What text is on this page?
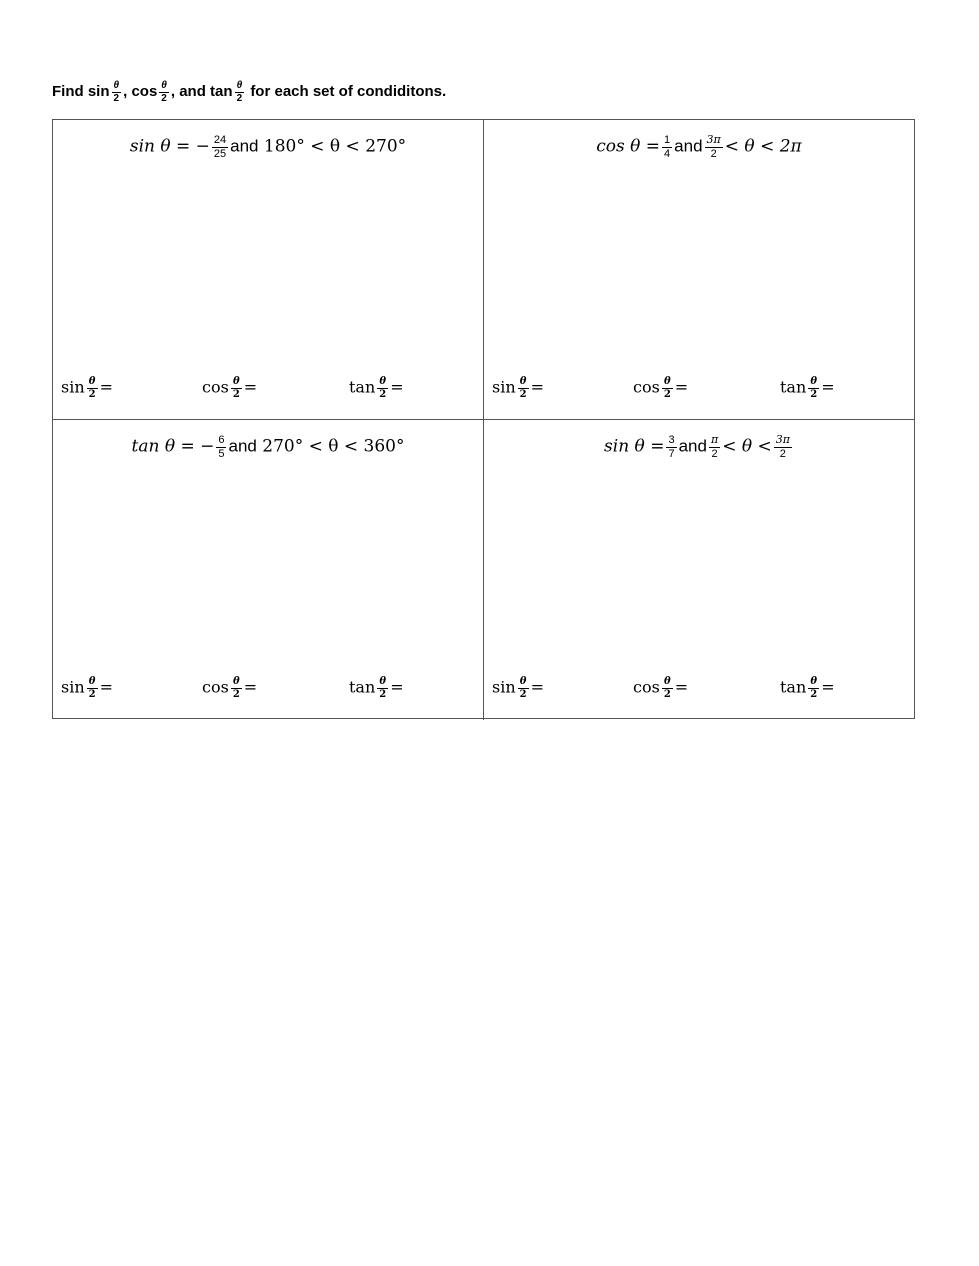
Find $\sin \frac{\theta}{2}$ , $\cos \frac{\theta}{2}$ , and $\tan \frac{\theta}{2}$ for each set of condiditons.
sin θ = − $\frac{24}{25}$ and 180° < θ < 270°
$\sin \frac{\theta}{2}$ =	$\cos \frac{\theta}{2}$ =	$\tan \frac{\theta}{2}$ =
$\cos \theta = \frac{1}{4}$ and $\frac{3\pi}{2} < \theta < 2\pi$
$\sin \frac{\theta}{2}$ =	$\cos \frac{\theta}{2}$ =	$\tan \frac{\theta}{2}$ =
tan θ = − $\frac{6}{5}$ and 270° < θ < 360°
$\sin \frac{\theta}{2}$ =	$\cos \frac{\theta}{2}$ =	$\tan \frac{\theta}{2}$ =
$\sin \theta = \frac{3}{7}$ and $\frac{\pi}{2} < \theta < \frac{3\pi}{2}$
$\sin \frac{\theta}{2}$ =	$\cos \frac{\theta}{2}$ =	$\tan \frac{\theta}{2}$ =
